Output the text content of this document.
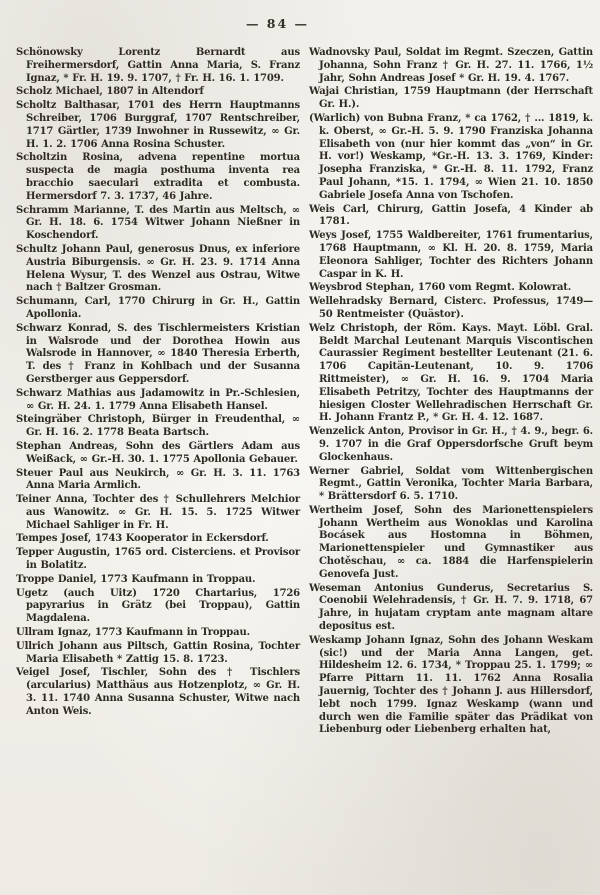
— 84 —

Schönowsky Lorentz Bernardt aus Freihermersdorf, Gattin Anna Maria, S. Franz Ignaz, * Fr. H. 19. 9. 1707, † Fr. H. 16. 1. 1709.

Scholz Michael, 1807 in Altendorf

Scholtz Balthasar, 1701 des Herrn Hauptmanns Schreiber, 1706 Burggraf, 1707 Rentschreiber, 1717 Gärtler, 1739 Inwohner in Russewitz, ∞ Gr. H. 1. 2. 1706 Anna Rosina Schuster.

Scholtzin Rosina, advena repentine mortua suspecta de magia posthuma inventa rea bracchio saeculari extradita et combusta. Hermersdorf 7. 3. 1737, 46 Jahre.

Schramm Marianne, T. des Martin aus Meltsch, ∞ Gr. H. 18. 6. 1754 Witwer Johann Nießner in Koschendorf.

Schultz Johann Paul, generosus Dnus, ex inferiore Austria Biburgensis. ∞ Gr. H. 23. 9. 1714 Anna Helena Wysur, T. des Wenzel aus Ostrau, Witwe nach † Baltzer Grosman.

Schumann, Carl, 1770 Chirurg in Gr. H., Gattin Apollonia.

Schwarz Konrad, S. des Tischlermeisters Kristian in Walsrode und der Dorothea Howin aus Walsrode in Hannover, ∞ 1840 Theresia Erberth, T. des † Franz in Kohlbach und der Susanna Gerstberger aus Geppersdorf.

Schwarz Mathias aus Jadamowitz in Pr.-Schlesien, ∞ Gr. H. 24. 1. 1779 Anna Elisabeth Hansel.

Steingräber Christoph, Bürger in Freudenthal, ∞ Gr. H. 16. 2. 1778 Beata Bartsch.

Stephan Andreas, Sohn des Gärtlers Adam aus Weißack, ∞ Gr.-H. 30. 1. 1775 Apollonia Gebauer.

Steuer Paul aus Neukirch, ∞ Gr. H. 3. 11. 1763 Anna Maria Armlich.

Teiner Anna, Tochter des † Schullehrers Melchior aus Wanowitz. ∞ Gr. H. 15. 5. 1725 Witwer Michael Sahliger in Fr. H.

Tempes Josef, 1743 Kooperator in Eckersdorf.

Tepper Augustin, 1765 ord. Cisterciens. et Provisor in Bolatitz.

Troppe Daniel, 1773 Kaufmann in Troppau.

Ugetz (auch Uitz) 1720 Chartarius, 1726 papyrarius in Grätz (bei Troppau), Gattin Magdalena.

Ullram Ignaz, 1773 Kaufmann in Troppau.

Ullrich Johann aus Piltsch, Gattin Rosina, Tochter Maria Elisabeth * Zattig 15. 8. 1723.

Veigel Josef, Tischler, Sohn des † Tischlers (arcularius) Matthäus aus Hotzenplotz, ∞ Gr. H. 3. 11. 1740 Anna Susanna Schuster, Witwe nach Anton Weis.

Wadnovsky Paul, Soldat im Regmt. Szeczen, Gattin Johanna, Sohn Franz † Gr. H. 27. 11. 1766, 1½ Jahr, Sohn Andreas Josef * Gr. H. 19. 4. 1767.

Wajai Christian, 1759 Hauptmann (der Herrschaft Gr. H.).

(Warlich) von Bubna Franz, * ca 1762, † ... 1819, k. k. Oberst, ∞ Gr.-H. 5. 9. 1790 Franziska Johanna Elisabeth von (nur hier kommt das „von“ in Gr. H. vor!) Weskamp, *Gr.-H. 13. 3. 1769, Kinder: Josepha Franziska, * Gr.-H. 8. 11. 1792, Franz Paul Johann, *15. 1. 1794, ∞ Wien 21. 10. 1850 Gabriele Josefa Anna von Tschofen.

Weis Carl, Chirurg, Gattin Josefa, 4 Kinder ab 1781.

Weys Josef, 1755 Waldbereiter, 1761 frumentarius, 1768 Hauptmann, ∞ Kl. H. 20. 8. 1759, Maria Eleonora Sahliger, Tochter des Richters Johann Caspar in K. H.

Weysbrod Stephan, 1760 vom Regmt. Kolowrat.

Wellehradsky Bernard, Cisterc. Professus, 1749—50 Rentmeister (Quästor).

Welz Christoph, der Röm. Kays. Mayt. Löbl. Gral. Beldt Marchal Leutenant Marquis Viscontischen Caurassier Regiment bestellter Leutenant (21. 6. 1706 Capitän-Leutenant, 10. 9. 1706 Rittmeister), ∞ Gr. H. 16. 9. 1704 Maria Elisabeth Petritzy, Tochter des Hauptmanns der hiesigen Closter Wellehradischen Herrschaft Gr. H. Johann Frantz P., * Gr. H. 4. 12. 1687.

Wenzelick Anton, Provisor in Gr. H., † 4. 9., begr. 6. 9. 1707 in die Graf Oppersdorfsche Gruft beym Glockenhaus.

Werner Gabriel, Soldat vom Wittenbergischen Regmt., Gattin Veronika, Tochter Maria Barbara, * Brättersdorf 6. 5. 1710.

Wertheim Josef, Sohn des Marionettenspielers Johann Wertheim aus Wonoklas und Karolina Bocásek aus Hostomna in Böhmen, Marionettenspieler und Gymnastiker aus Chotěschau, ∞ ca. 1884 die Harfenspielerin Genovefa Just.

Weseman Antonius Gunderus, Secretarius S. Coenobii Welehradensis, † Gr. H. 7. 9. 1718, 67 Jahre, in hujatam cryptam ante magnam altare depositus est.

Weskamp Johann Ignaz, Sohn des Johann Weskam (sic!) und der Maria Anna Langen, get. Hildesheim 12. 6. 1734, * Troppau 25. 1. 1799; ∞ Pfarre Pittarn 11. 11. 1762 Anna Rosalia Jauernig, Tochter des † Johann J. aus Hillersdorf, lebt noch 1799. Ignaz Weskamp (wann und durch wen die Familie später das Prädikat von Liebenburg oder Liebenberg erhalten hat,
